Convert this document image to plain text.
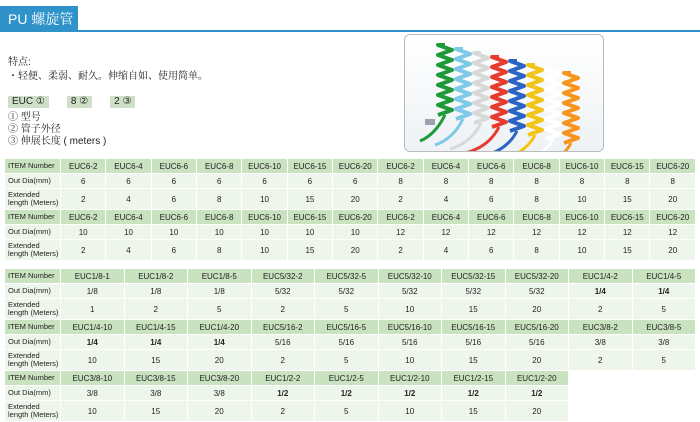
PU 螺旋管
特点:
・轻便、柔弱、耐久。伸缩自如、使用简单。
EUC ①	8 ②	2 ③
① 型号
② 管子外径
③ 伸展长度 ( meters )
ITEM Number	EUC6-2	EUC6-4	EUC6-6	EUC6-8	EUC6-10	EUC6-15	EUC6-20	EUC6-2	EUC6-4	EUC6-6	EUC6-8	EUC6-10	EUC6-15	EUC6-20
Out Dia(mm)	6	6	6	6	6	6	6	8	8	8	8	8	8	8
Extended length (Meters)	2	4	6	8	10	15	20	2	4	6	8	10	15	20
ITEM Number	EUC6-2	EUC6-4	EUC6-6	EUC6-8	EUC6-10	EUC6-15	EUC6-20	EUC6-2	EUC6-4	EUC6-6	EUC6-8	EUC6-10	EUC6-15	EUC6-20
Out Dia(mm)	10	10	10	10	10	10	10	12	12	12	12	12	12	12
Extended length (Meters)	2	4	6	8	10	15	20	2	4	6	8	10	15	20
ITEM Number	EUC1/8-1	EUC1/8-2	EUC1/8-5	EUC5/32-2	EUC5/32-5	EUC5/32-10	EUC5/32-15	EUC5/32-20	EUC1/4-2	EUC1/4-5
Out Dia(mm)	1/8	1/8	1/8	5/32	5/32	5/32	5/32	5/32	1/4	1/4
Extended length (Meters)	1	2	5	2	5	10	15	20	2	5
ITEM Number	EUC1/4-10	EUC1/4-15	EUC1/4-20	EUC5/16-2	EUC5/16-5	EUC5/16-10	EUC5/16-15	EUC5/16-20	EUC3/8-2	EUC3/8-5
Out Dia(mm)	1/4	1/4	1/4	5/16	5/16	5/16	5/16	5/16	3/8	3/8
Extended length (Meters)	10	15	20	2	5	10	15	20	2	5
ITEM Number	EUC3/8-10	EUC3/8-15	EUC3/8-20	EUC1/2-2	EUC1/2-5	EUC1/2-10	EUC1/2-15	EUC1/2-20		
Out Dia(mm)	3/8	3/8	3/8	1/2	1/2	1/2	1/2	1/2		
Extended length (Meters)	10	15	20	2	5	10	15	20		
